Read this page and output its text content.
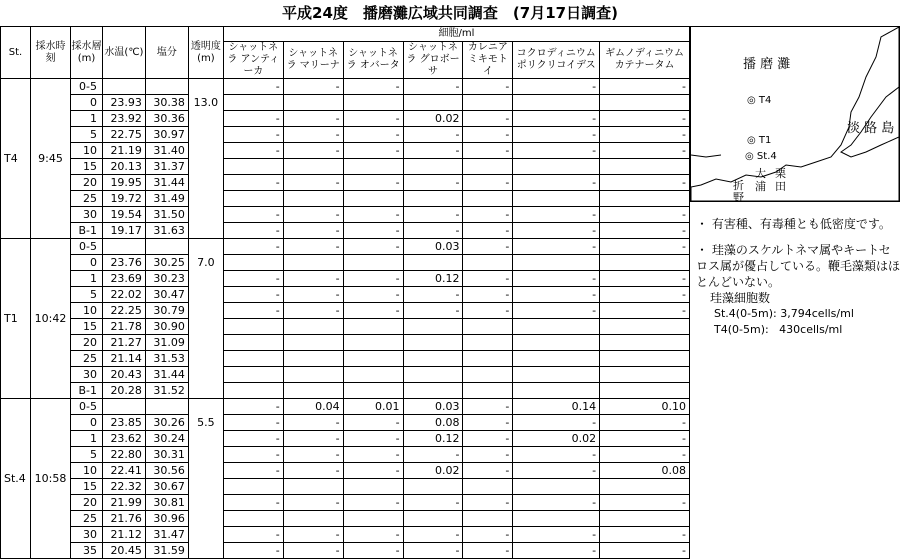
平成24度　播磨灘広域共同調査　(7月17日調査)
St.	採水時刻	採水層(m)	水温(℃)	塩分	透明度(m)	細胞/ml						
						シャットネラ アンティーカ	シャットネラ マリーナ	シャットネラ オバータ	シャットネラ グロボーサ	カレニア ミキモトイ	コクロディニウム ポリクリコイデス	ギムノディニウム カテナータム
T4	9:45	0-5			13.0	-	-	-	-	-	-	-
		0	23.93	30.38								
		1	23.92	30.36		-	-	-	0.02	-	-	-
		5	22.75	30.97		-	-	-	-	-	-	-
		10	21.19	31.40		-	-	-	-	-	-	-
		15	20.13	31.37								
		20	19.95	31.44		-	-	-	-	-	-	-
		25	19.72	31.49								
		30	19.54	31.50		-	-	-	-	-	-	-
		B-1	19.17	31.63		-	-	-	-	-	-	-
T1	10:42	0-5			7.0	-	-	-	0.03	-	-	-
		0	23.76	30.25								
		1	23.69	30.23		-	-	-	0.12	-	-	-
		5	22.02	30.47		-	-	-	-	-	-	-
		10	22.25	30.79		-	-	-	-	-	-	-
		15	21.78	30.90								
		20	21.27	31.09								
		25	21.14	31.53								
		30	20.43	31.44								
		B-1	20.28	31.52								
St.4	10:58	0-5			5.5	-	0.04	0.01	0.03	-	0.14	0.10
		0	23.85	30.26		-	-	-	0.08	-	-	-
		1	23.62	30.24		-	-	-	0.12	-	0.02	-
		5	22.80	30.31		-	-	-	-	-	-	-
		10	22.41	30.56		-	-	-	0.02	-	-	0.08
		15	22.32	30.67								
		20	21.99	30.81		-	-	-	-	-	-	-
		25	21.76	30.96								
		30	21.12	31.47		-	-	-	-	-	-	-
		35	20.45	31.59		-	-	-	-	-	-	-
播 磨 灘
淡 路 島
◎ T4
◎ T1
◎ St.4
大 栗
浦 田
折
野

・ 有害種、有毒種とも低密度です。

・ 珪藻のスケルトネマ属やキートセロス属が優占している。鞭毛藻類はほとんどいない。

珪藻細胞数

St.4(0-5m): 3,794cells/ml

T4(0-5m):   430cells/ml
